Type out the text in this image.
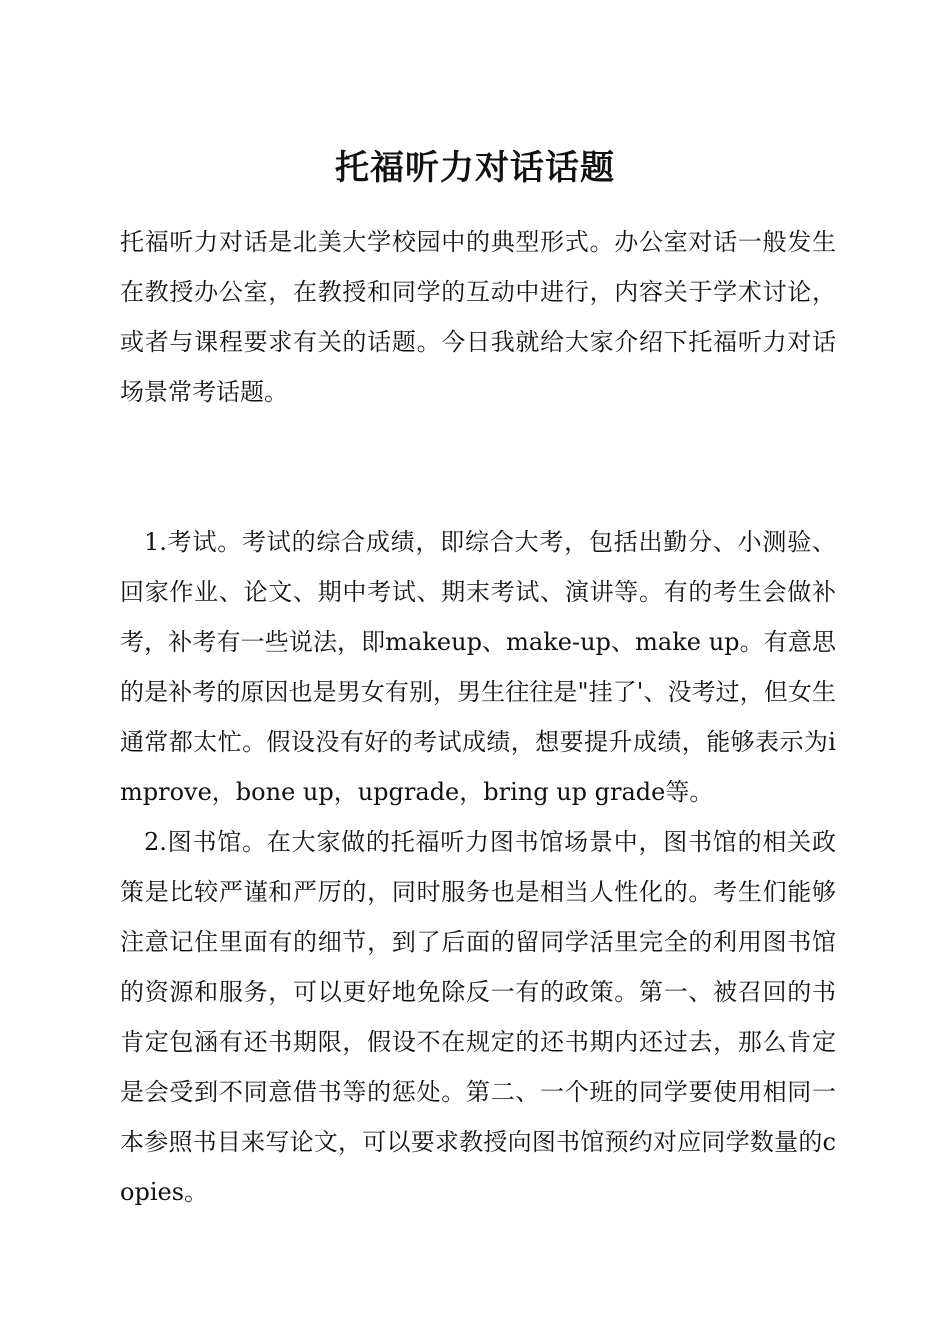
托福听力对话话题

托福听力对话是北美大学校园中的典型形式。办公室对话一般发生在教授办公室，在教授和同学的互动中进行，内容关于学术讨论，或者与课程要求有关的话题。今日我就给大家介绍下托福听力对话场景常考话题。

1.考试。考试的综合成绩，即综合大考，包括出勤分、小测验、回家作业、论文、期中考试、期末考试、演讲等。有的考生会做补考，补考有一些说法，即makeup、make-up、make up。有意思的是补考的原因也是男女有别，男生往往是"挂了'、没考过，但女生通常都太忙。假设没有好的考试成绩，想要提升成绩，能够表示为improve，bone up，upgrade，bring up grade等。

2.图书馆。在大家做的托福听力图书馆场景中，图书馆的相关政策是比较严谨和严厉的，同时服务也是相当人性化的。考生们能够注意记住里面有的细节，到了后面的留同学活里完全的利用图书馆的资源和服务，可以更好地免除反一有的政策。第一、被召回的书肯定包涵有还书期限，假设不在规定的还书期内还过去，那么肯定是会受到不同意借书等的惩处。第二、一个班的同学要使用相同一本参照书目来写论文，可以要求教授向图书馆预约对应同学数量的copies。
